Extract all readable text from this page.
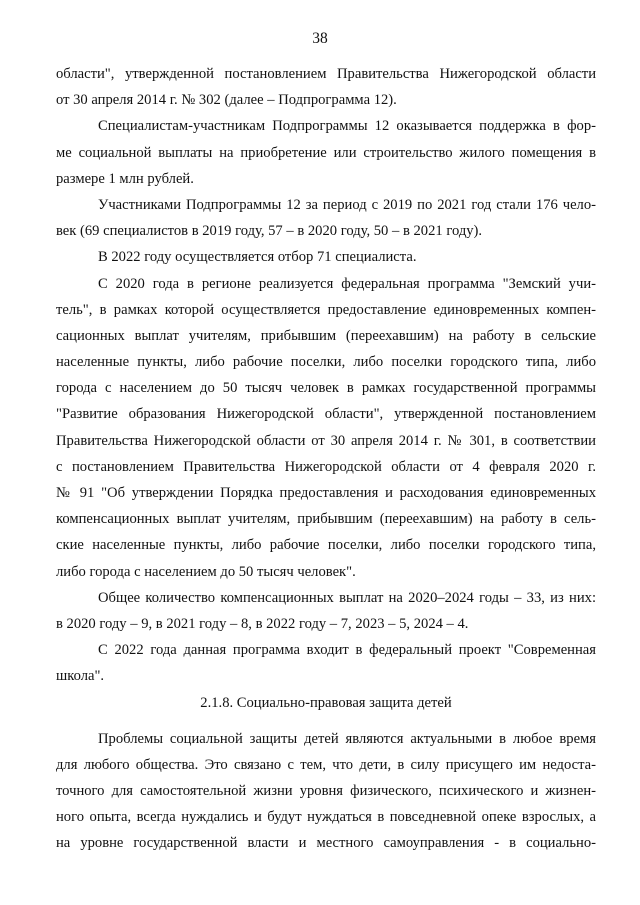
38
области", утвержденной постановлением Правительства Нижегородской области
от 30 апреля 2014 г. № 302 (далее – Подпрограмма 12).
Специалистам-участникам Подпрограммы 12 оказывается поддержка в фор-
ме социальной выплаты на приобретение или строительство жилого помещения в
размере 1 млн рублей.
Участниками Подпрограммы 12 за период с 2019 по 2021 год стали 176 чело-
век (69 специалистов в 2019 году, 57 – в 2020 году, 50 – в 2021 году).
В 2022 году осуществляется отбор 71 специалиста.
С 2020 года в регионе реализуется федеральная программа "Земский учи-
тель", в рамках которой осуществляется предоставление единовременных компен-
сационных выплат учителям, прибывшим (переехавшим) на работу в сельские
населенные пункты, либо рабочие поселки, либо поселки городского типа, либо
города с населением до 50 тысяч человек в рамках государственной программы
"Развитие образования Нижегородской области", утвержденной постановлением
Правительства Нижегородской области от 30 апреля 2014 г. № 301, в соответствии
с постановлением Правительства Нижегородской области от 4 февраля 2020 г.
№ 91 "Об утверждении Порядка предоставления и расходования единовременных
компенсационных выплат учителям, прибывшим (переехавшим) на работу в сель-
ские населенные пункты, либо рабочие поселки, либо поселки городского типа,
либо города с населением до 50 тысяч человек".
Общее количество компенсационных выплат на 2020–2024 годы – 33, из них:
в 2020 году – 9, в 2021 году – 8, в 2022 году – 7, 2023 – 5, 2024 – 4.
С 2022 года данная программа входит в федеральный проект "Современная
школа".
2.1.8. Социально-правовая защита детей
Проблемы социальной защиты детей являются актуальными в любое время
для любого общества. Это связано с тем, что дети, в силу присущего им недоста-
точного для самостоятельной жизни уровня физического, психического и жизнен-
ного опыта, всегда нуждались и будут нуждаться в повседневной опеке взрослых, а
на уровне государственной власти и местного самоуправления - в социально-
